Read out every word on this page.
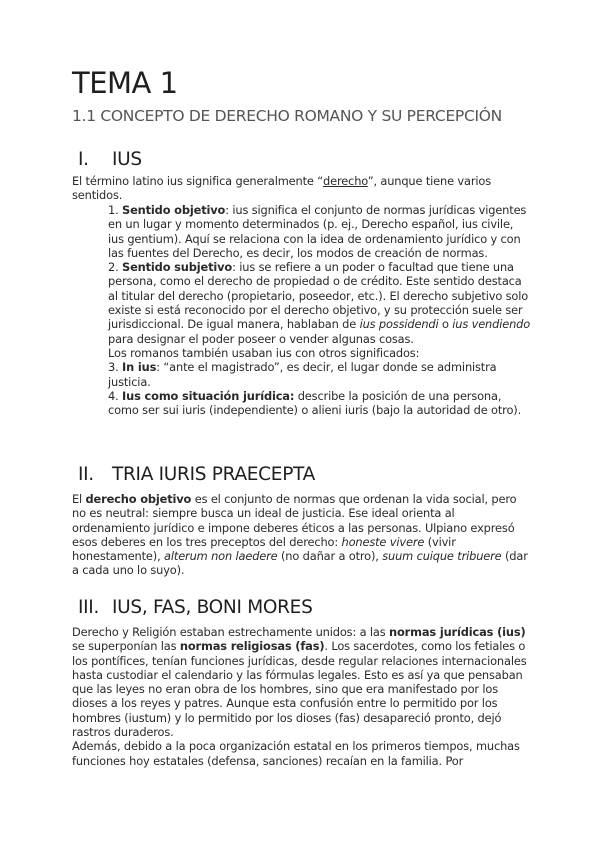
TEMA 1

1.1 CONCEPTO DE DERECHO ROMANO Y SU PERCEPCIÓN

I.	IUS

El término latino ius significa generalmente “derecho”, aunque tiene varios sentidos.

1. Sentido objetivo: ius significa el conjunto de normas jurídicas vigentes en un lugar y momento determinados (p. ej., Derecho español, ius civile, ius gentium). Aquí se relaciona con la idea de ordenamiento jurídico y con las fuentes del Derecho, es decir, los modos de creación de normas.

2. Sentido subjetivo: ius se refiere a un poder o facultad que tiene una persona, como el derecho de propiedad o de crédito. Este sentido destaca al titular del derecho (propietario, poseedor, etc.). El derecho subjetivo solo existe si está reconocido por el derecho objetivo, y su protección suele ser jurisdiccional. De igual manera, hablaban de ius possidendi o ius vendiendo para designar el poder poseer o vender algunas cosas.

Los romanos también usaban ius con otros significados:

3. In ius: “ante el magistrado”, es decir, el lugar donde se administra justicia.

4. Ius como situación jurídica: describe la posición de una persona, como ser sui iuris (independiente) o alieni iuris (bajo la autoridad de otro).

II. TRIA IURIS PRAECEPTA

El derecho objetivo es el conjunto de normas que ordenan la vida social, pero no es neutral: siempre busca un ideal de justicia. Ese ideal orienta al ordenamiento jurídico e impone deberes éticos a las personas. Ulpiano expresó esos deberes en los tres preceptos del derecho: honeste vivere (vivir honestamente), alterum non laedere (no dañar a otro), suum cuique tribuere (dar a cada uno lo suyo).

III. IUS, FAS, BONI MORES

Derecho y Religión estaban estrechamente unidos: a las normas jurídicas (ius) se superponían las normas religiosas (fas). Los sacerdotes, como los fetiales o los pontífices, tenían funciones jurídicas, desde regular relaciones internacionales hasta custodiar el calendario y las fórmulas legales. Esto es así ya que pensaban que las leyes no eran obra de los hombres, sino que era manifestado por los dioses a los reyes y patres. Aunque esta confusión entre lo permitido por los hombres (iustum) y lo permitido por los dioses (fas) desapareció pronto, dejó rastros duraderos.

Además, debido a la poca organización estatal en los primeros tiempos, muchas funciones hoy estatales (defensa, sanciones) recaían en la familia. Por
